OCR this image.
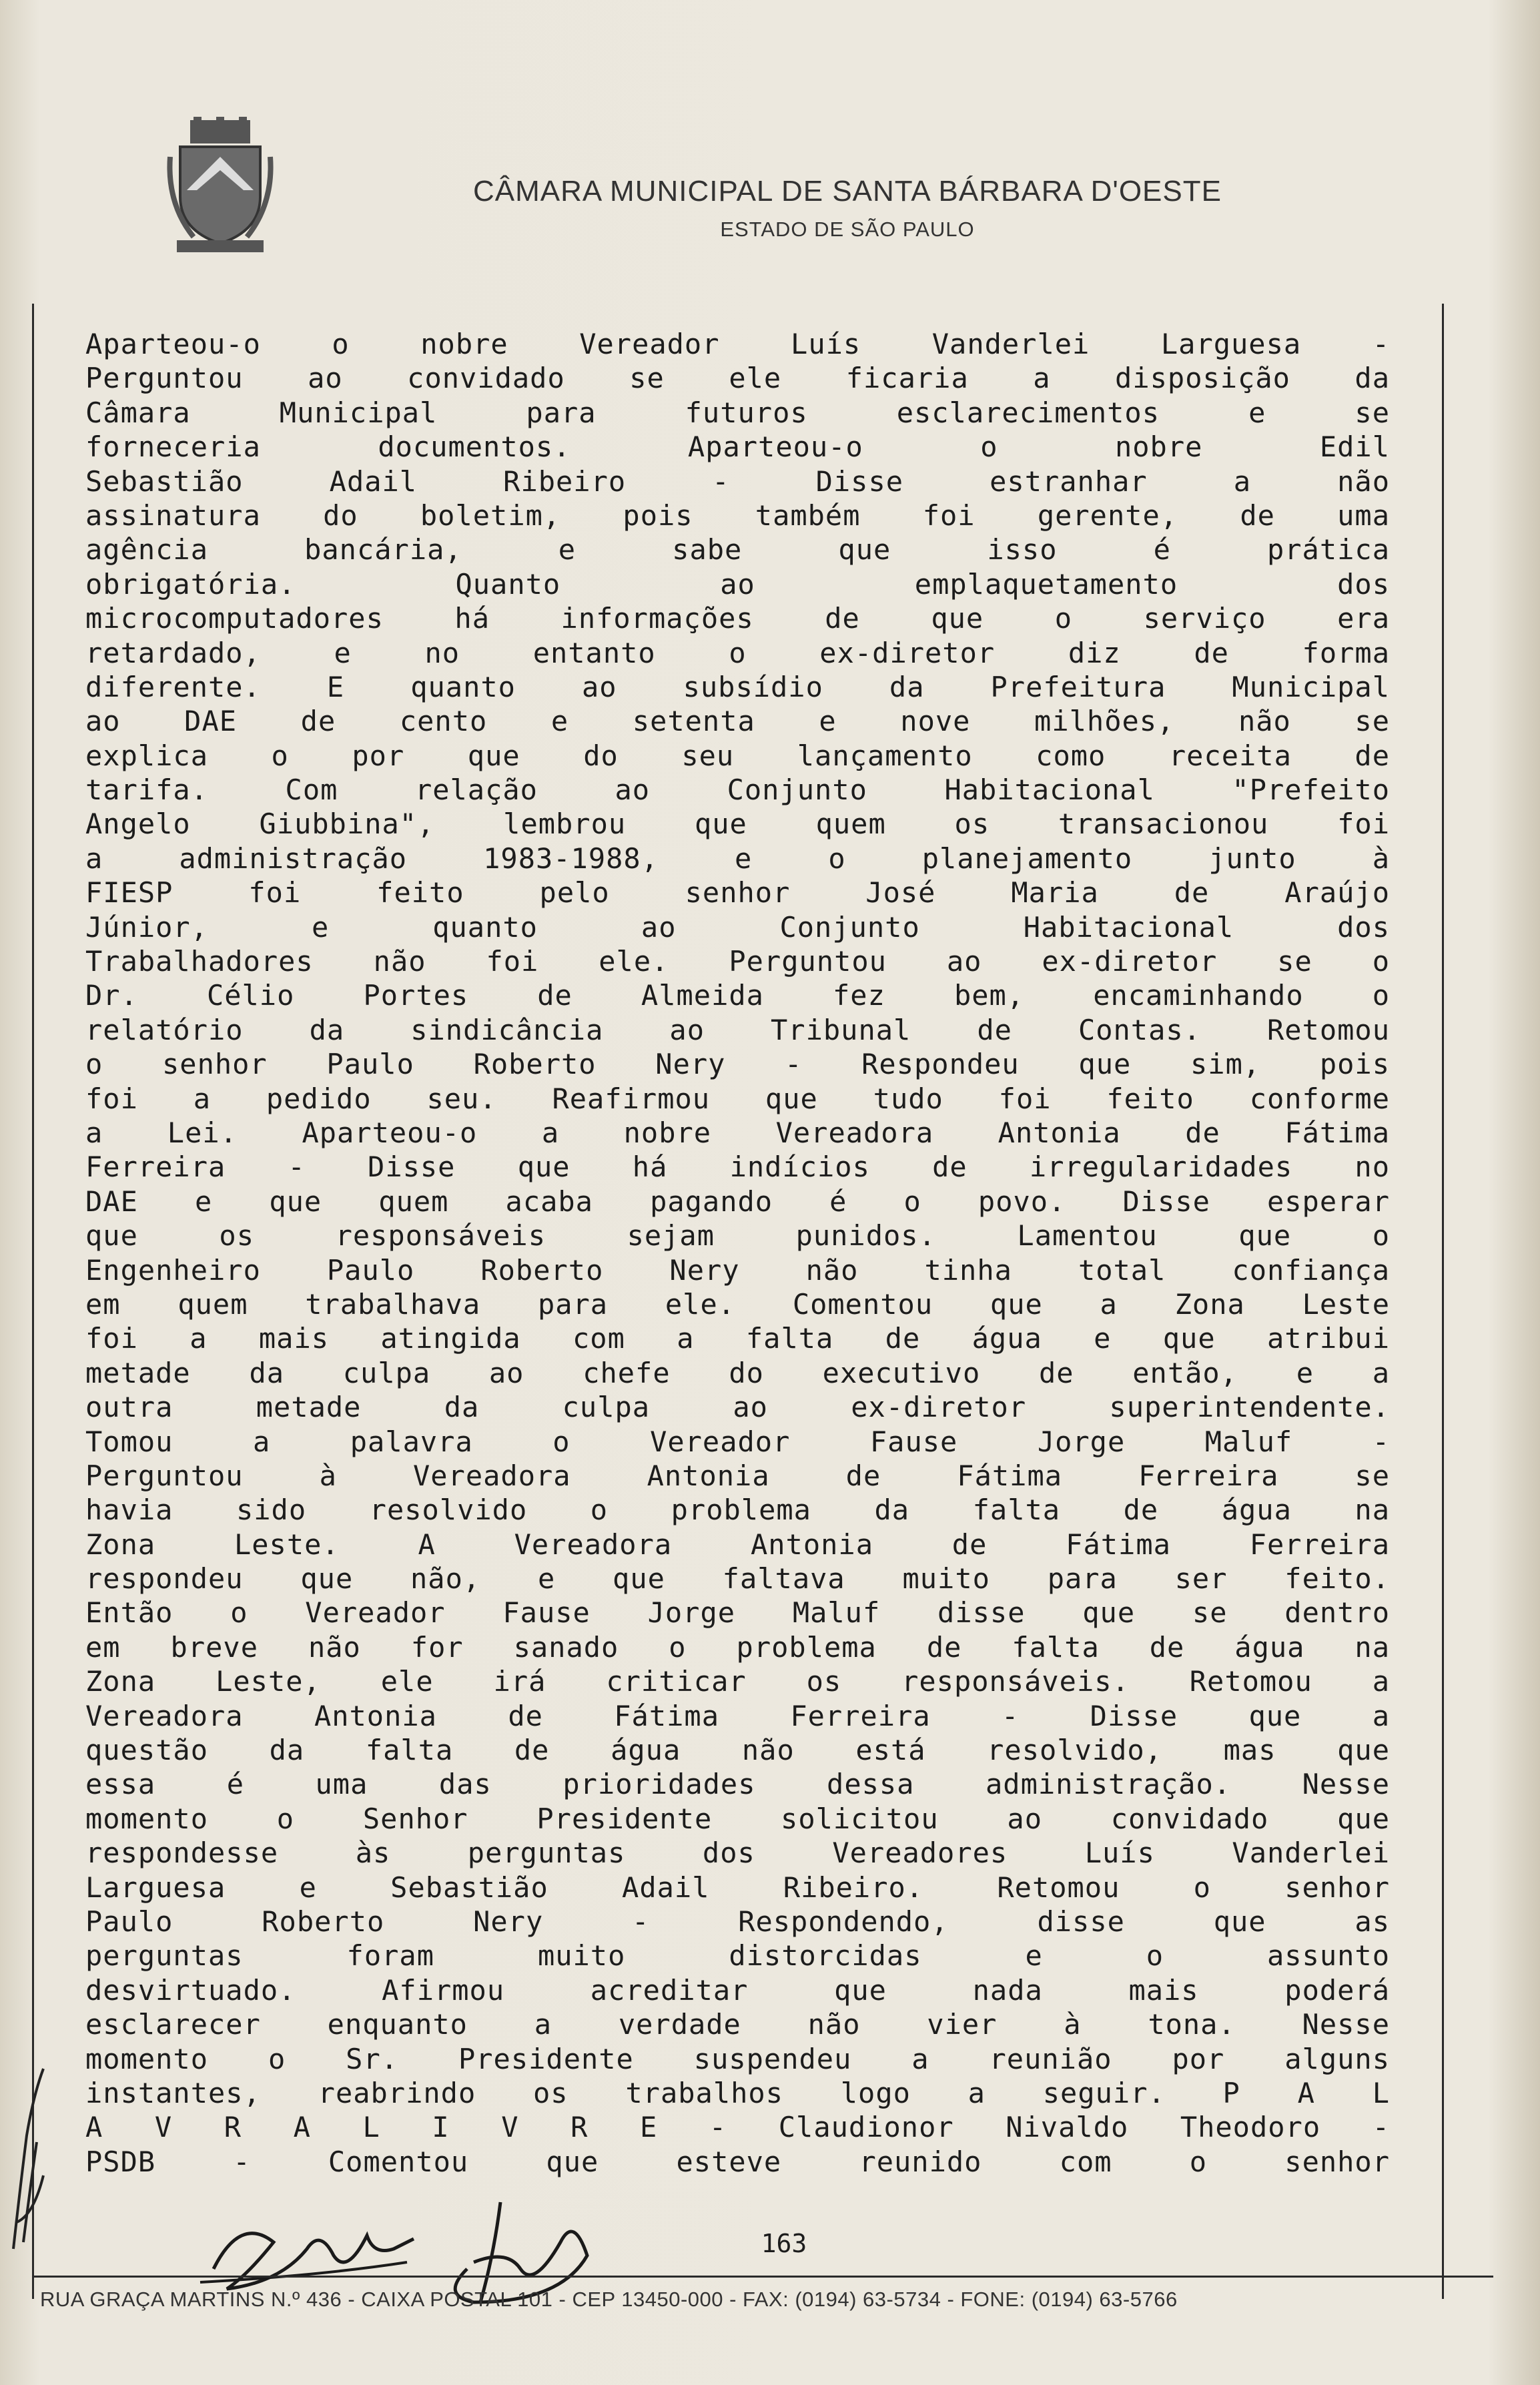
CÂMARA MUNICIPAL DE SANTA BÁRBARA D'OESTE
ESTADO DE SÃO PAULO
Aparteou-o o nobre Vereador Luís Vanderlei Larguesa -
Perguntou ao convidado se ele ficaria a disposição da
Câmara Municipal para futuros esclarecimentos e se
forneceria documentos. Aparteou-o o nobre Edil
Sebastião Adail Ribeiro - Disse estranhar a não
assinatura do boletim, pois também foi gerente, de uma
agência bancária, e sabe que isso é prática
obrigatória. Quanto ao emplaquetamento dos
microcomputadores há informações de que o serviço era
retardado, e no entanto o ex-diretor diz de forma
diferente. E quanto ao subsídio da Prefeitura Municipal
ao DAE de cento e setenta e nove milhões, não se
explica o por que do seu lançamento como receita de
tarifa. Com relação ao Conjunto Habitacional "Prefeito
Angelo Giubbina", lembrou que quem os transacionou foi
a administração 1983-1988, e o planejamento junto à
FIESP foi feito pelo senhor José Maria de Araújo
Júnior, e quanto ao Conjunto Habitacional dos
Trabalhadores não foi ele. Perguntou ao ex-diretor se o
Dr. Célio Portes de Almeida fez bem, encaminhando o
relatório da sindicância ao Tribunal de Contas. Retomou
o senhor Paulo Roberto Nery - Respondeu que sim, pois
foi a pedido seu. Reafirmou que tudo foi feito conforme
a Lei. Aparteou-o a nobre Vereadora Antonia de Fátima
Ferreira - Disse que há indícios de irregularidades no
DAE e que quem acaba pagando é o povo. Disse esperar
que os responsáveis sejam punidos. Lamentou que o
Engenheiro Paulo Roberto Nery não tinha total confiança
em quem trabalhava para ele. Comentou que a Zona Leste
foi a mais atingida com a falta de água e que atribui
metade da culpa ao chefe do executivo de então, e a
outra metade da culpa ao ex-diretor superintendente.
Tomou a palavra o Vereador Fause Jorge Maluf -
Perguntou à Vereadora Antonia de Fátima Ferreira se
havia sido resolvido o problema da falta de água na
Zona Leste. A Vereadora Antonia de Fátima Ferreira
respondeu que não, e que faltava muito para ser feito.
Então o Vereador Fause Jorge Maluf disse que se dentro
em breve não for sanado o problema de falta de água na
Zona Leste, ele irá criticar os responsáveis. Retomou a
Vereadora Antonia de Fátima Ferreira - Disse que a
questão da falta de água não está resolvido, mas que
essa é uma das prioridades dessa administração. Nesse
momento o Senhor Presidente solicitou ao convidado que
respondesse às perguntas dos Vereadores Luís Vanderlei
Larguesa e Sebastião Adail Ribeiro. Retomou o senhor
Paulo Roberto Nery - Respondendo, disse que as
perguntas foram muito distorcidas e o assunto
desvirtuado. Afirmou acreditar que nada mais poderá
esclarecer enquanto a verdade não vier à tona. Nesse
momento o Sr. Presidente suspendeu a reunião por alguns
instantes, reabrindo os trabalhos logo a seguir. P A L
A V R A L I V R E - Claudionor Nivaldo Theodoro -
PSDB - Comentou que esteve reunido com o senhor
163
RUA GRAÇA MARTINS N.º 436 - CAIXA POSTAL 101 - CEP 13450-000 - FAX: (0194) 63-5734 - FONE: (0194) 63-5766
